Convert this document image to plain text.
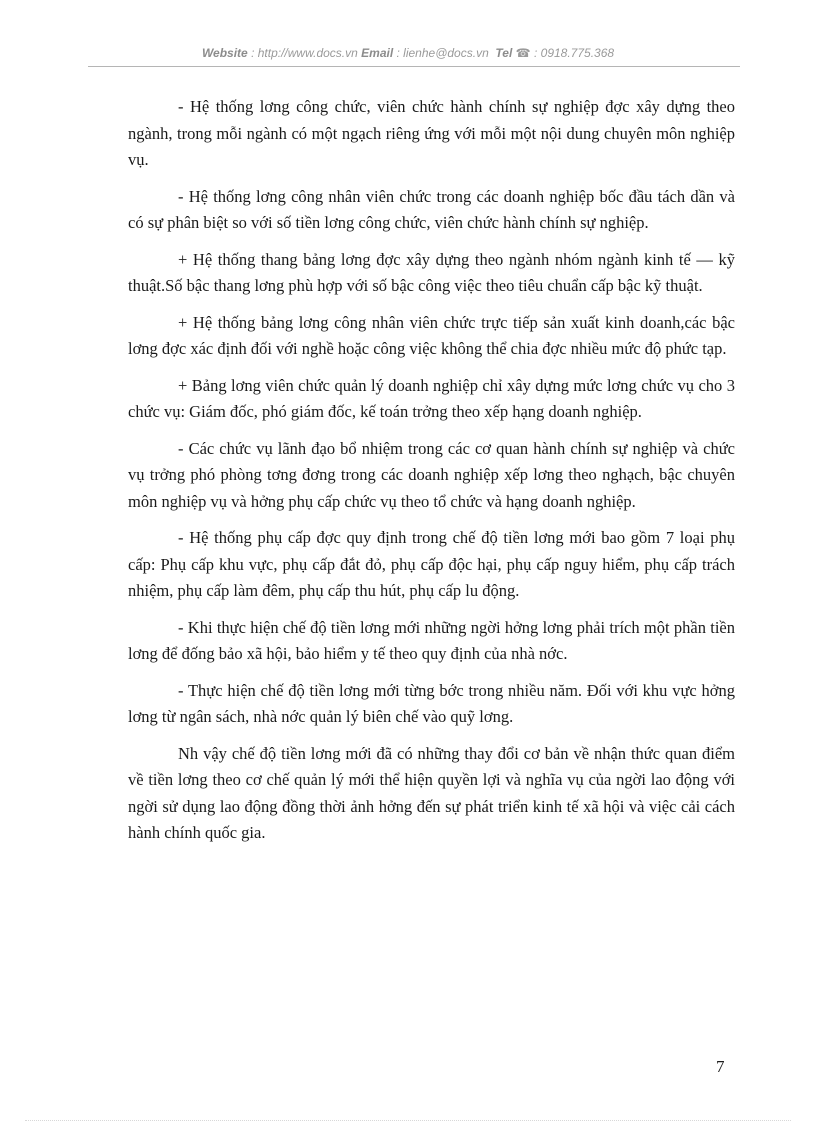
Website : http://www.docs.vn Email : lienhe@docs.vn Tel ☎ : 0918.775.368

- Hệ thống lơng công chức, viên chức hành chính sự nghiệp đợc xây dựng theo ngành, trong mỗi ngành có một ngạch riêng ứng với mỗi một nội dung chuyên môn nghiệp vụ.

- Hệ thống lơng công nhân viên chức trong các doanh nghiệp bốc đầu tách dần và có sự phân biệt so với số tiền lơng công chức, viên chức hành chính sự nghiệp.

+ Hệ thống thang bảng lơng đợc xây dựng theo ngành nhóm ngành kinh tế — kỹ thuật.Số bậc thang lơng phù hợp với số bậc công việc theo tiêu chuẩn cấp bậc kỹ thuật.

+ Hệ thống bảng lơng công nhân viên chức trực tiếp sản xuất kinh doanh,các bậc lơng đợc xác định đối với nghề hoặc công việc không thể chia đợc nhiều mức độ phức tạp.

+ Bảng lơng viên chức quản lý doanh nghiệp chỉ xây dựng mức lơng chức vụ cho 3 chức vụ: Giám đốc, phó giám đốc, kế toán trởng theo xếp hạng doanh nghiệp.

- Các chức vụ lãnh đạo bổ nhiệm trong các cơ quan hành chính sự nghiệp và chức vụ trởng phó phòng tơng đơng trong các doanh nghiệp xếp lơng theo nghạch, bậc chuyên môn nghiệp vụ và hởng phụ cấp chức vụ theo tổ chức và hạng doanh nghiệp.

- Hệ thống phụ cấp đợc quy định trong chế độ tiền lơng mới bao gồm 7 loại phụ cấp: Phụ cấp khu vực, phụ cấp đắt đỏ, phụ cấp độc hại, phụ cấp nguy hiểm, phụ cấp trách nhiệm, phụ cấp làm đêm, phụ cấp thu hút, phụ cấp lu động.

- Khi thực hiện chế độ tiền lơng mới những ngời hởng lơng phải trích một phần tiền lơng để đống bảo xã hội, bảo hiểm y tế theo quy định của nhà nớc.

- Thực hiện chế độ tiền lơng mới từng bớc trong nhiều năm. Đối với khu vực hởng lơng từ ngân sách, nhà nớc quản lý biên chế vào quỹ lơng.

Nh vậy chế độ tiền lơng mới đã có những thay đổi cơ bản về nhận thức quan điểm về tiền lơng theo cơ chế quản lý mới thể hiện quyền lợi và nghĩa vụ của ngời lao động với ngời sử dụng lao động đồng thời ảnh hởng đến sự phát triển kinh tế xã hội và việc cải cách hành chính quốc gia.

7
